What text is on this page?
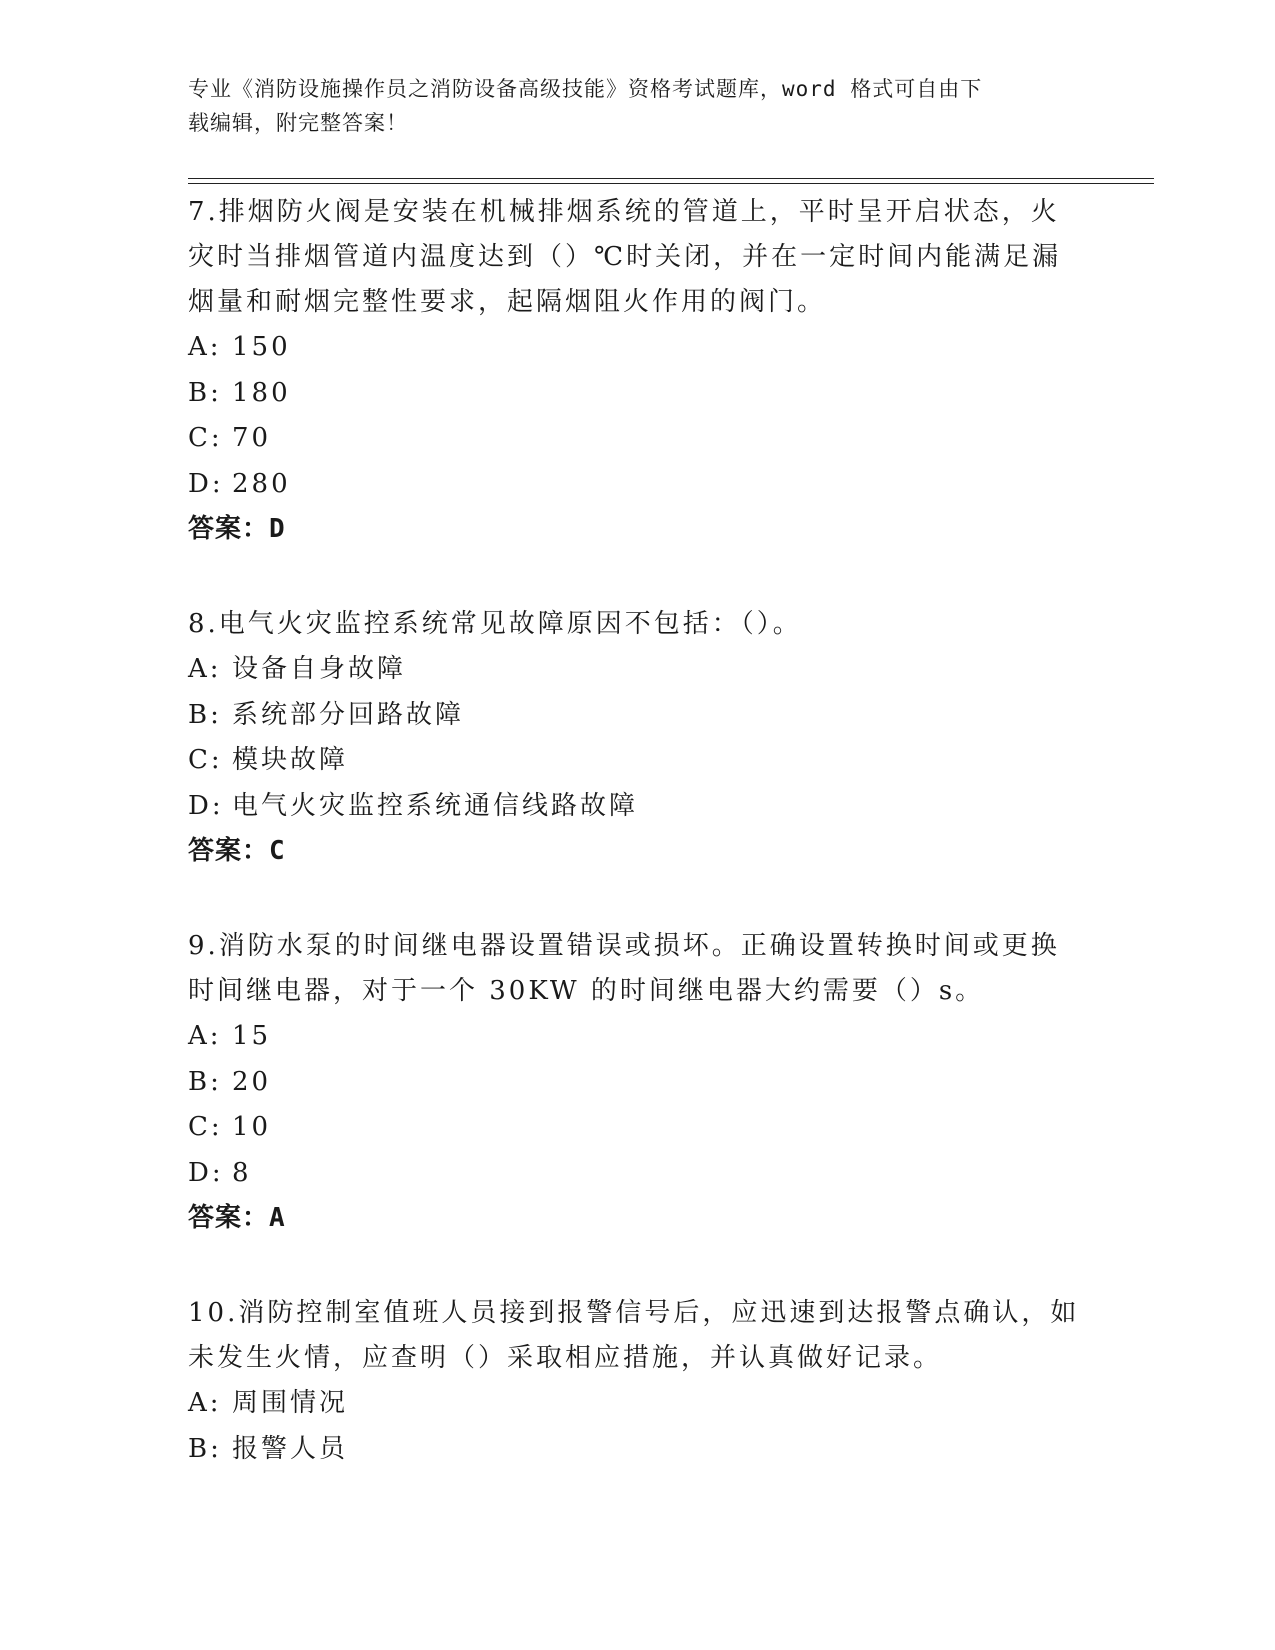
专业《消防设施操作员之消防设备高级技能》资格考试题库，word 格式可自由下
载编辑，附完整答案！

7.排烟防火阀是安装在机械排烟系统的管道上，平时呈开启状态，火灾时当排烟管道内温度达到（）℃时关闭，并在一定时间内能满足漏烟量和耐烟完整性要求，起隔烟阻火作用的阀门。

A: 150
B: 180
C: 70
D: 280
答案：D

8.电气火灾监控系统常见故障原因不包括：（）。

A: 设备自身故障
B: 系统部分回路故障
C: 模块故障
D: 电气火灾监控系统通信线路故障
答案：C

9.消防水泵的时间继电器设置错误或损坏。正确设置转换时间或更换时间继电器，对于一个 30KW 的时间继电器大约需要（）s。

A: 15
B: 20
C: 10
D: 8
答案：A

10.消防控制室值班人员接到报警信号后，应迅速到达报警点确认，如未发生火情，应查明（）采取相应措施，并认真做好记录。

A: 周围情况
B: 报警人员
